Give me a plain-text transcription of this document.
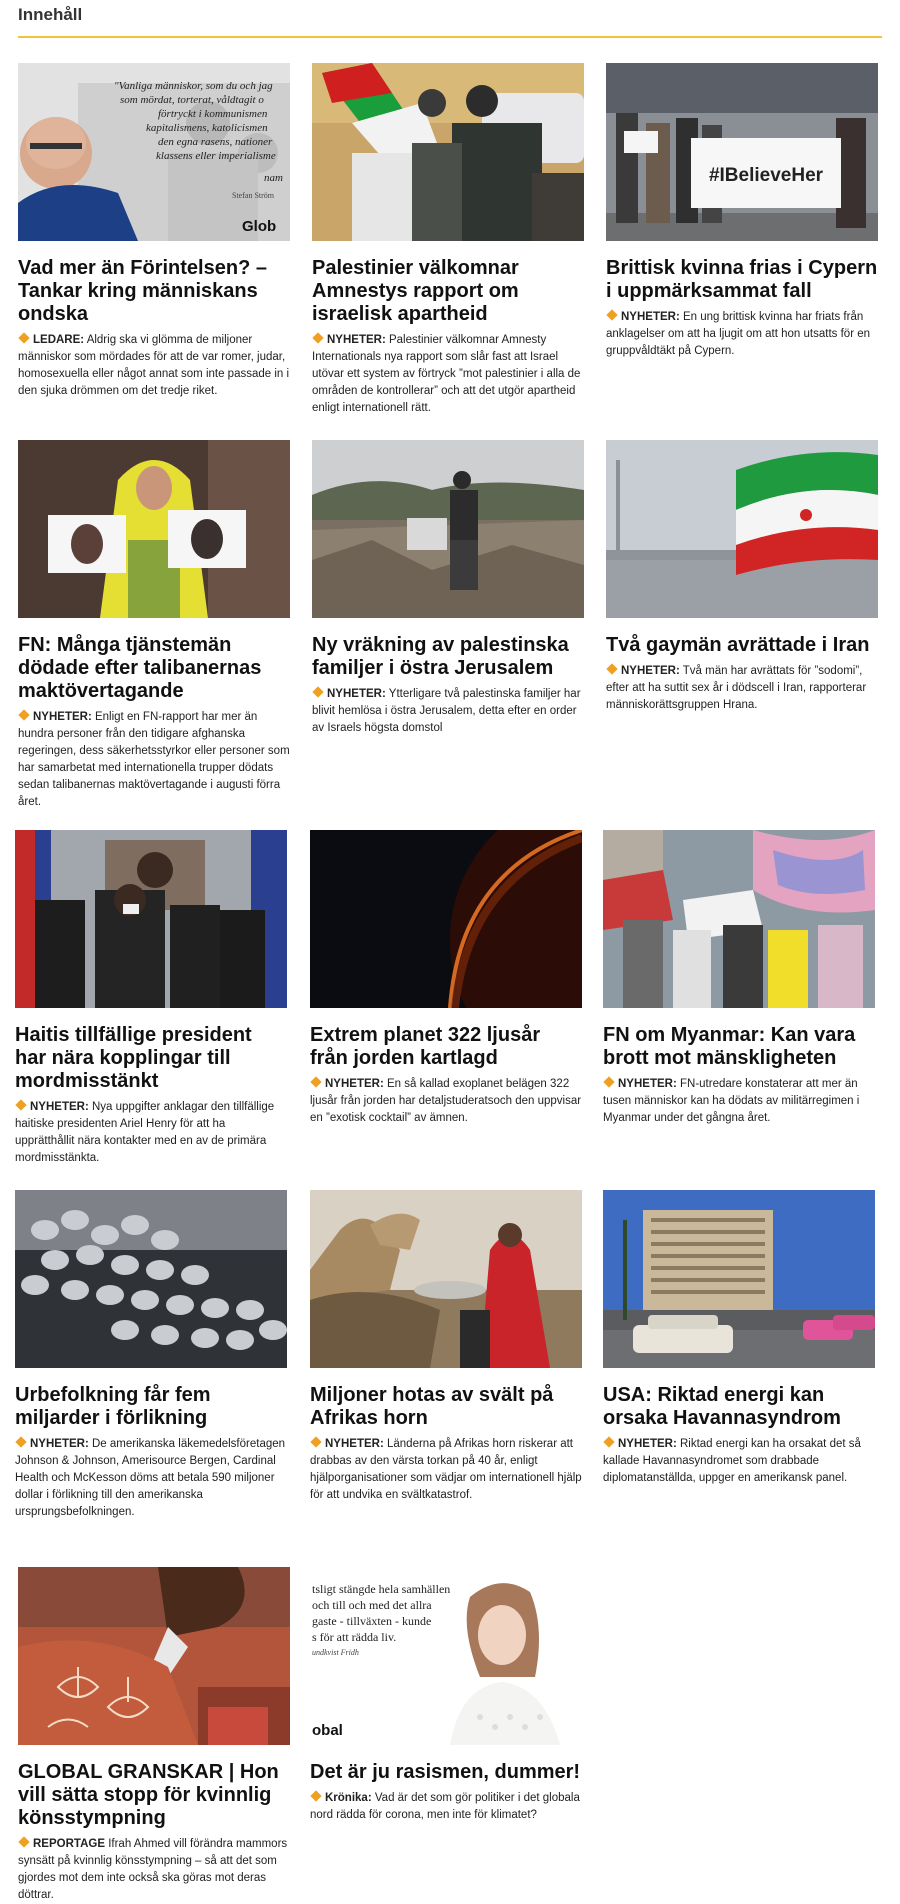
Innehåll
"Vanliga människor, som du och jag
som mördat, torterat, våldtagit o
förtryckt i kommunismen
kapitalismens, katolicismen
den egna rasens, nationer
klassens eller imperialisme
nam
Stefan Ström
Glob
Vad mer än Förintelsen? – Tankar kring människans ondska
LEDARE: Aldrig ska vi glömma de miljoner människor som mördades för att de var romer, judar, homosexuella eller något annat som inte passade in i den sjuka drömmen om det tredje riket.
Palestinier välkomnar Amnestys rapport om israelisk apartheid
NYHETER: Palestinier välkomnar Amnesty Internationals nya rapport som slår fast att Israel utövar ett system av förtryck ”mot palestinier i alla de områden de kontrollerar” och att det utgör apartheid enligt internationell rätt.
#IBelieveHer
Brittisk kvinna frias i Cypern i uppmärksammat fall
NYHETER: En ung brittisk kvinna har friats från anklagelser om att ha ljugit om att hon utsatts för en gruppvåldtäkt på Cypern.
FN: Många tjänstemän dödade efter talibanernas maktövertagande
NYHETER: Enligt en FN-rapport har mer än hundra personer från den tidigare afghanska regeringen, dess säkerhetsstyrkor eller personer som har samarbetat med internationella trupper dödats sedan talibanernas maktövertagande i augusti förra året.
Ny vräkning av palestinska familjer i östra Jerusalem
NYHETER: Ytterligare två palestinska familjer har blivit hemlösa i östra Jerusalem, detta efter en order av Israels högsta domstol
Två gaymän avrättade i Iran
NYHETER: Två män har avrättats för ”sodomi”, efter att ha suttit sex år i dödscell i Iran, rapporterar människorättsgruppen Hrana.
Haitis tillfällige president har nära kopplingar till mordmisstänkt
NYHETER: Nya uppgifter anklagar den tillfällige haitiske presidenten Ariel Henry för att ha upprätthållit nära kontakter med en av de primära mordmisstänkta.
Extrem planet 322 ljusår från jorden kartlagd
NYHETER: En så kallad exoplanet belägen 322 ljusår från jorden har detaljstuderatsoch den uppvisar en ”exotisk cocktail” av ämnen.
FN om Myanmar: Kan vara brott mot mänskligheten
NYHETER: FN-utredare konstaterar att mer än tusen människor kan ha dödats av militärregimen i Myanmar under det gångna året.
Urbefolkning får fem miljarder i förlikning
NYHETER: De amerikanska läkemedelsföretagen Johnson & Johnson, Amerisource Bergen, Cardinal Health och McKesson döms att betala 590 miljoner dollar i förlikning till den amerikanska ursprungsbefolkningen.
Miljoner hotas av svält på Afrikas horn
NYHETER: Länderna på Afrikas horn riskerar att drabbas av den värsta torkan på 40 år, enligt hjälporganisationer som vädjar om internationell hjälp för att undvika en svältkatastrof.
USA: Riktad energi kan orsaka Havannasyndrom
NYHETER: Riktad energi kan ha orsakat det så kallade Havannasyndromet som drabbade diplomatanställda, uppger en amerikansk panel.
GLOBAL GRANSKAR | Hon vill sätta stopp för kvinnlig könsstympning
REPORTAGE Ifrah Ahmed vill förändra mammors synsätt på kvinnlig könsstympning – så att det som gjordes mot dem inte också ska göras mot deras döttrar.
tsligt stängde hela samhällen
och till och med det allra
gaste - tillväxten - kunde
s för att rädda liv.
undkvist Fridh
obal
Det är ju rasismen, dummer!
Krönika: Vad är det som gör politiker i det globala nord rädda för corona, men inte för klimatet?
